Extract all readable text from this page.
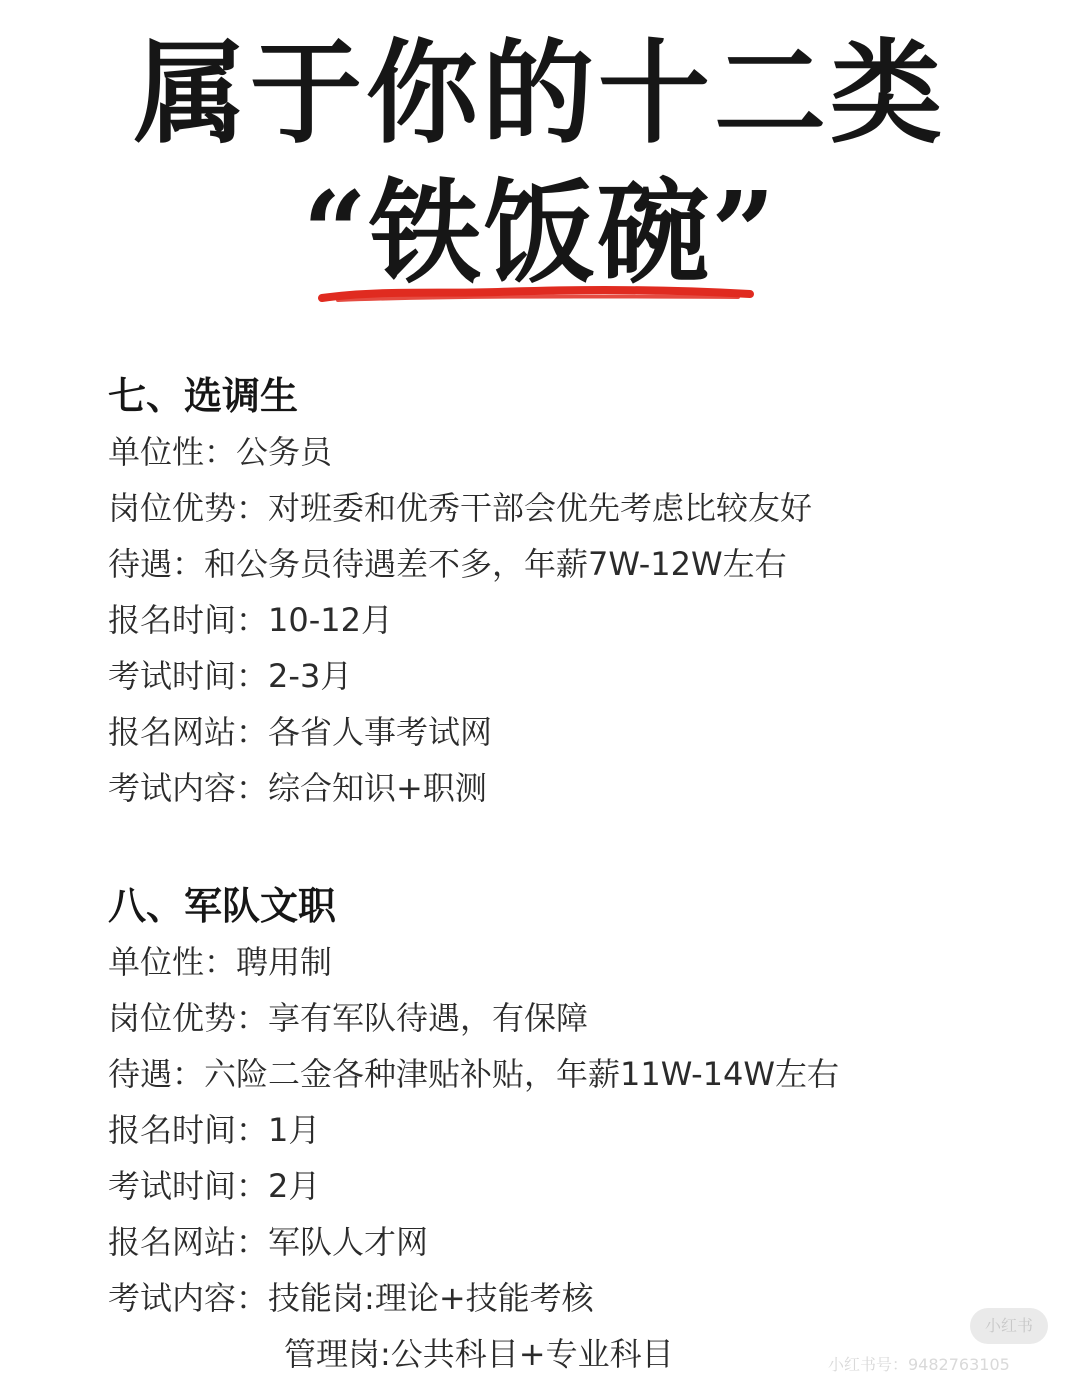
属于你的十二类
“铁饭碗”
七、选调生
单位性 ： 公务员
岗位优势 ： 对班委和优秀干部会优先考虑比较友好
待遇 ： 和公务员待遇差不多，年薪7W-12W左右
报名时间 ： 10-12月
考试时间 ： 2-3月
报名网站 ： 各省人事考试网
考试内容 ： 综合知识+职测
八、军队文职
单位性 ： 聘用制
岗位优势 ： 享有军队待遇，有保障
待遇 ： 六险二金各种津贴补贴，年薪11W-14W左右
报名时间 ： 1月
考试时间 ： 2月
报名网站 ： 军队人才网
考试内容 ： 技能岗:理论+技能考核
管理岗:公共科目+专业科目
小红书
小红书号：9482763105
